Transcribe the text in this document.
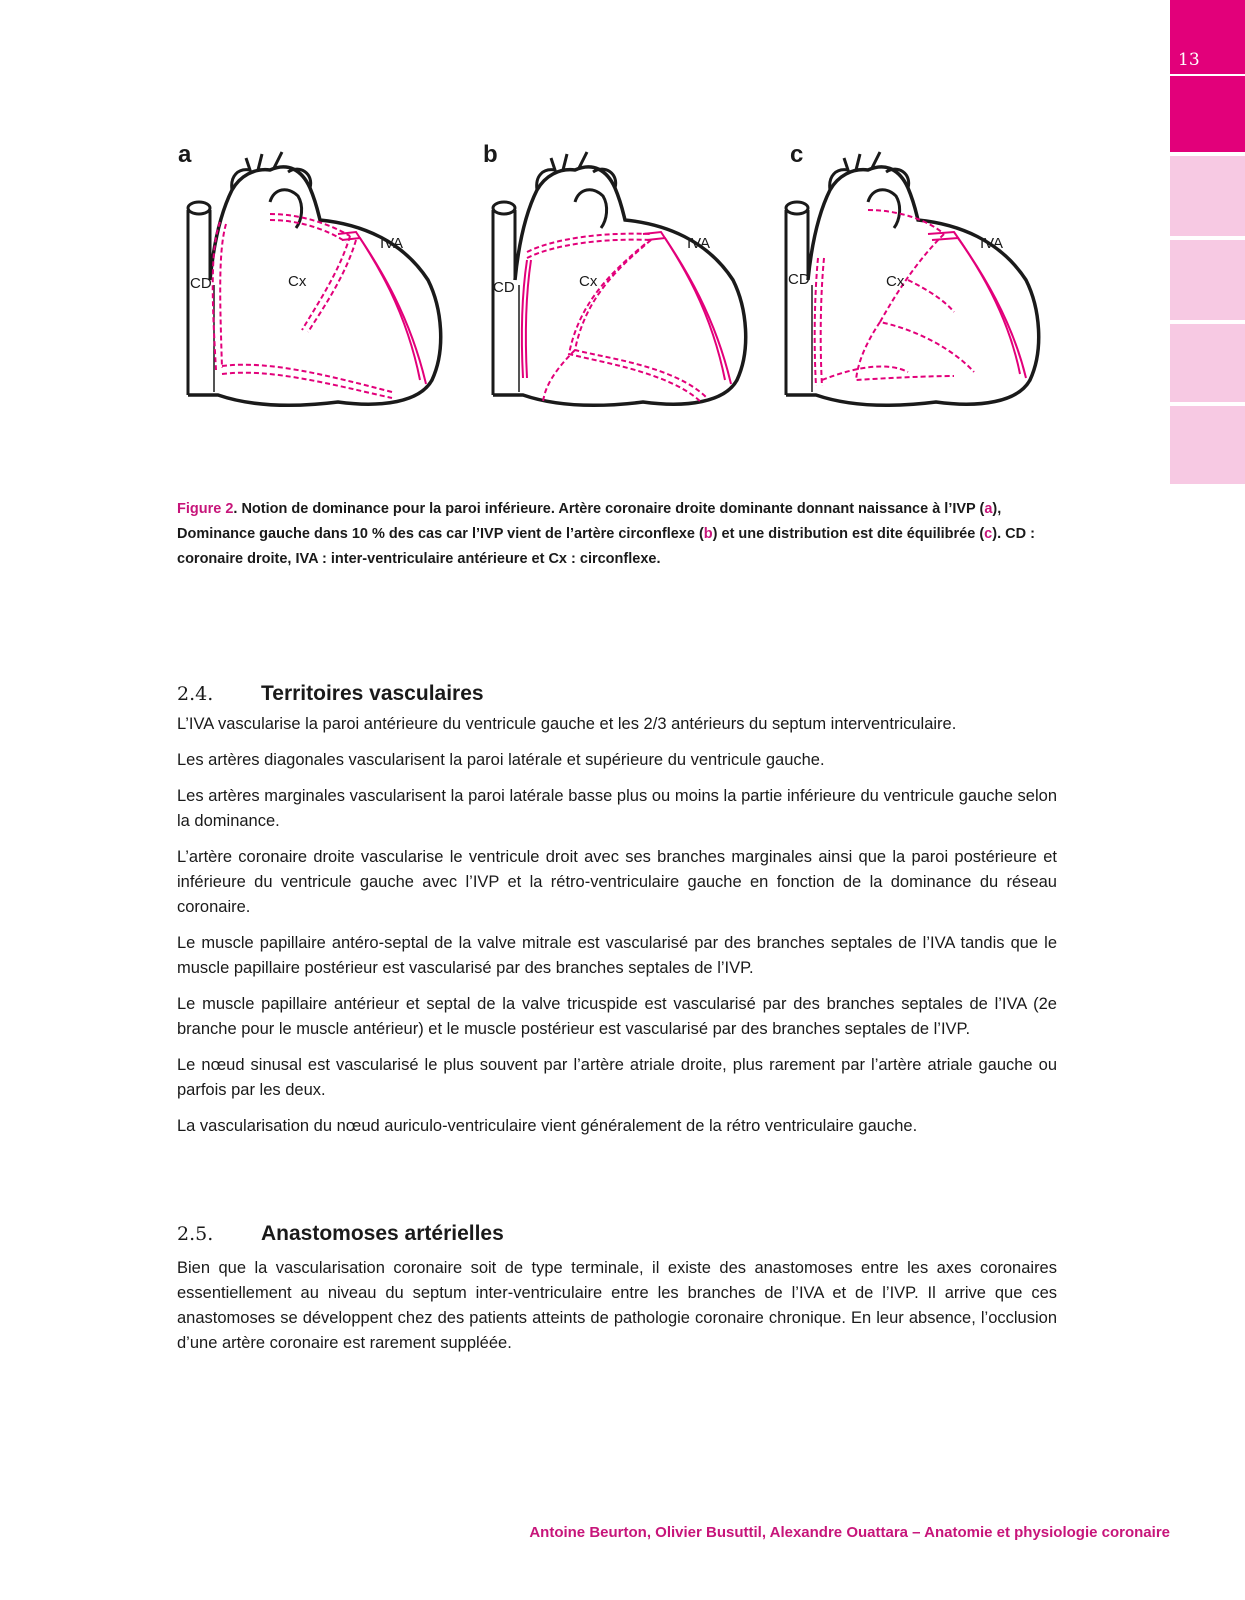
13
a
CD	Cx
IVA
b
CD	Cx
IVA
c
CD	Cx
IVA
Figure 2. Notion de dominance pour la paroi inférieure. Artère coronaire droite dominante donnant naissance à l’IVP (a), Dominance gauche dans 10 % des cas car l’IVP vient de l’artère circonflexe (b) et une distribution est dite équilibrée (c). CD : coronaire droite, IVA : inter-ventriculaire antérieure et Cx : circonflexe.
2.4.	Territoires vasculaires

L’IVA vascularise la paroi antérieure du ventricule gauche et les 2/3 antérieurs du septum interventriculaire.

Les artères diagonales vascularisent la paroi latérale et supérieure du ventricule gauche.

Les artères marginales vascularisent la paroi latérale basse plus ou moins la partie inférieure du ventricule gauche selon la dominance.

L’artère coronaire droite vascularise le ventricule droit avec ses branches marginales ainsi que la paroi postérieure et inférieure du ventricule gauche avec l’IVP et la rétro-ventriculaire gauche en fonction de la dominance du réseau coronaire.

Le muscle papillaire antéro-septal de la valve mitrale est vascularisé par des branches septales de l’IVA tandis que le muscle papillaire postérieur est vascularisé par des branches septales de l’IVP.

Le muscle papillaire antérieur et septal de la valve tricuspide est vascularisé par des branches septales de l’IVA (2e branche pour le muscle antérieur) et le muscle postérieur est vascularisé par des branches septales de l’IVP.

Le nœud sinusal est vascularisé le plus souvent par l’artère atriale droite, plus rarement par l’artère atriale gauche ou parfois par les deux.

La vascularisation du nœud auriculo-ventriculaire vient généralement de la rétro ventriculaire gauche.

2.5.	Anastomoses artérielles

Bien que la vascularisation coronaire soit de type terminale, il existe des anastomoses entre les axes coronaires essentiellement au niveau du septum inter-ventriculaire entre les branches de l’IVA et de l’IVP. Il arrive que ces anastomoses se développent chez des patients atteints de pathologie coronaire chronique. En leur absence, l’occlusion d’une artère coronaire est rarement suppléée.

Antoine Beurton, Olivier Busuttil, Alexandre Ouattara – Anatomie et physiologie coronaire
